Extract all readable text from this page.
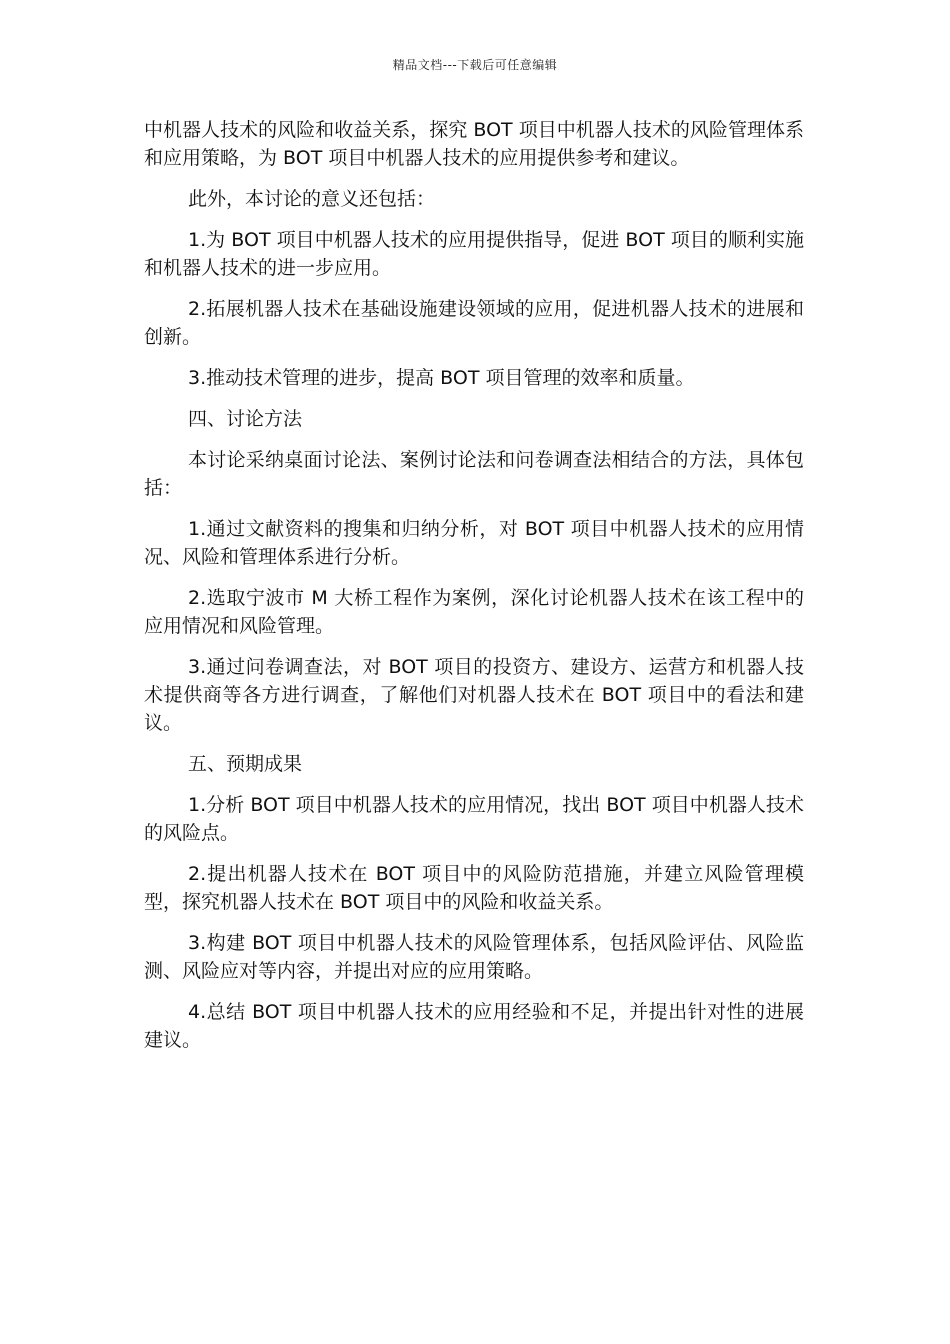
精品文档---下载后可任意编辑

中机器人技术的风险和收益关系，探究 BOT 项目中机器人技术的风险管理体系和应用策略，为 BOT 项目中机器人技术的应用提供参考和建议。

此外，本讨论的意义还包括：

1.为 BOT 项目中机器人技术的应用提供指导，促进 BOT 项目的顺利实施和机器人技术的进一步应用。

2.拓展机器人技术在基础设施建设领域的应用，促进机器人技术的进展和创新。

3.推动技术管理的进步，提高 BOT 项目管理的效率和质量。

四、讨论方法

本讨论采纳桌面讨论法、案例讨论法和问卷调查法相结合的方法，具体包括：

1.通过文献资料的搜集和归纳分析，对 BOT 项目中机器人技术的应用情况、风险和管理体系进行分析。

2.选取宁波市 M 大桥工程作为案例，深化讨论机器人技术在该工程中的应用情况和风险管理。

3.通过问卷调查法，对 BOT 项目的投资方、建设方、运营方和机器人技术提供商等各方进行调查，了解他们对机器人技术在 BOT 项目中的看法和建议。

五、预期成果

1.分析 BOT 项目中机器人技术的应用情况，找出 BOT 项目中机器人技术的风险点。

2.提出机器人技术在 BOT 项目中的风险防范措施，并建立风险管理模型，探究机器人技术在 BOT 项目中的风险和收益关系。

3.构建 BOT 项目中机器人技术的风险管理体系，包括风险评估、风险监测、风险应对等内容，并提出对应的应用策略。

4.总结 BOT 项目中机器人技术的应用经验和不足，并提出针对性的进展建议。
